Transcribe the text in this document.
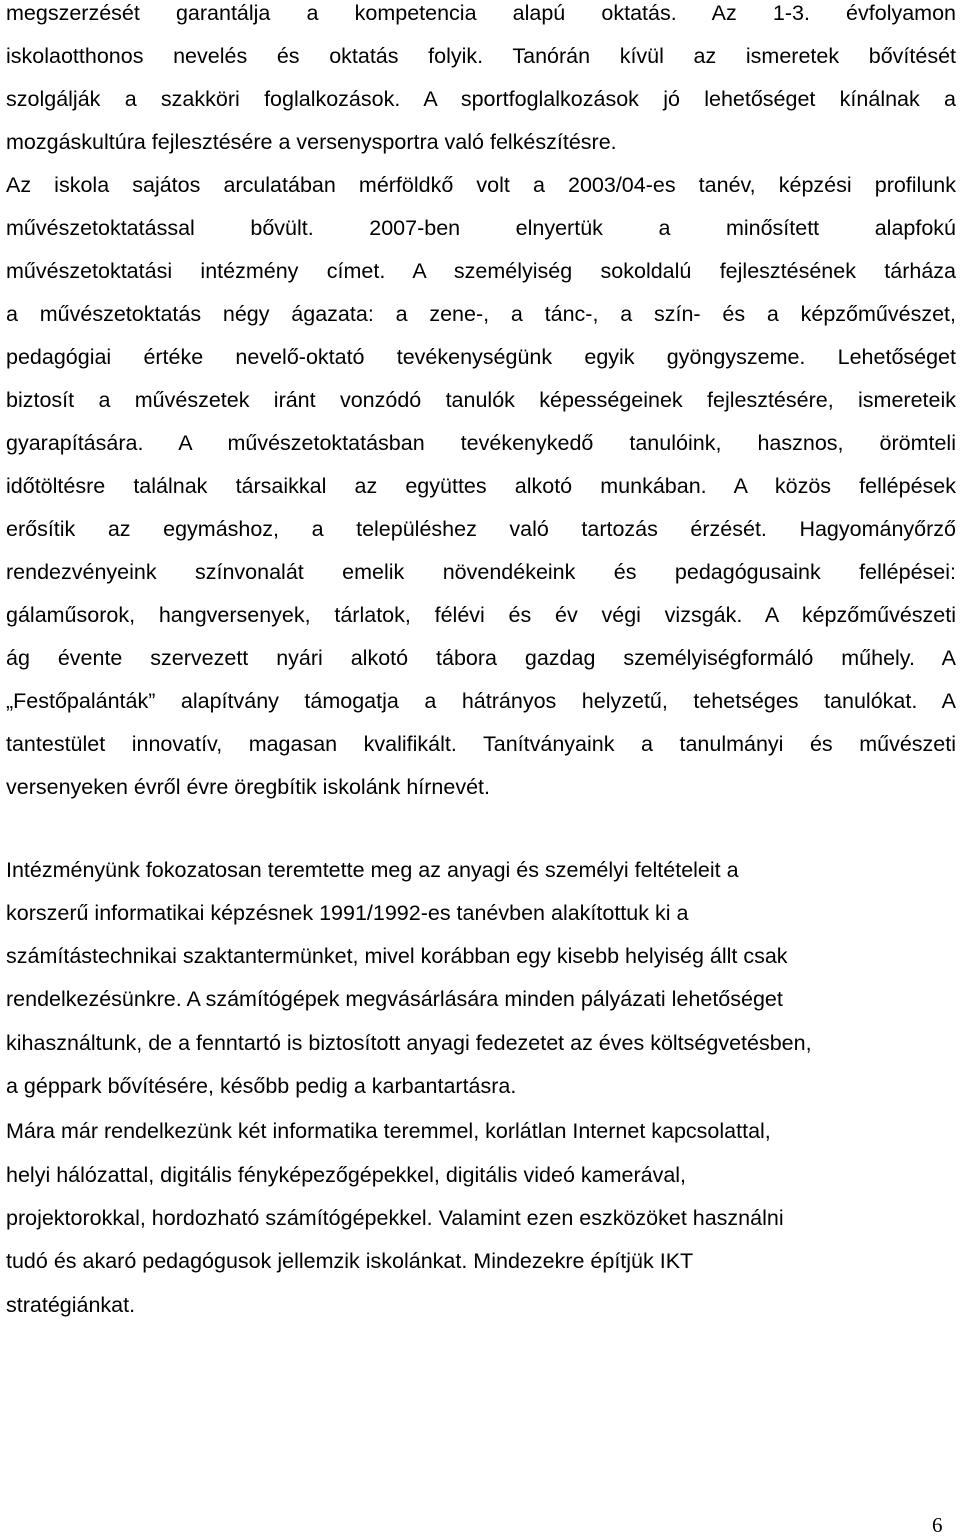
megszerzését garantálja a kompetencia alapú oktatás. Az 1-3. évfolyamon
iskolaotthonos nevelés és oktatás folyik. Tanórán kívül az ismeretek bővítését
szolgálják a szakköri foglalkozások. A sportfoglalkozások jó lehetőséget kínálnak a
mozgáskultúra fejlesztésére a versenysportra való felkészítésre.
Az iskola sajátos arculatában mérföldkő volt a 2003/04-es tanév, képzési profilunk
művészetoktatással bővült. 2007-ben elnyertük a minősített alapfokú
művészetoktatási intézmény címet. A személyiség sokoldalú fejlesztésének tárháza
a művészetoktatás négy ágazata: a zene-, a tánc-, a szín- és a képzőművészet,
pedagógiai értéke nevelő-oktató tevékenységünk egyik gyöngyszeme. Lehetőséget
biztosít a művészetek iránt vonzódó tanulók képességeinek fejlesztésére, ismereteik
gyarapítására. A művészetoktatásban tevékenykedő tanulóink, hasznos, örömteli
időtöltésre találnak társaikkal az együttes alkotó munkában. A közös fellépések
erősítik az egymáshoz, a településhez való tartozás érzését. Hagyományőrző
rendezvényeink színvonalát emelik növendékeink és pedagógusaink fellépései:
gálaműsorok, hangversenyek, tárlatok, félévi és év végi vizsgák. A képzőművészeti
ág évente szervezett nyári alkotó tábora gazdag személyiségformáló műhely. A
„Festőpalánták” alapítvány támogatja a hátrányos helyzetű, tehetséges tanulókat. A
tantestület innovatív, magasan kvalifikált. Tanítványaink a tanulmányi és művészeti
versenyeken évről évre öregbítik iskolánk hírnevét.
Intézményünk fokozatosan teremtette meg az anyagi és személyi feltételeit a
korszerű informatikai képzésnek 1991/1992-es tanévben alakítottuk ki a
számítástechnikai szaktantermünket, mivel korábban egy kisebb helyiség állt csak
rendelkezésünkre. A számítógépek megvásárlására minden pályázati lehetőséget
kihasználtunk, de a fenntartó is biztosított anyagi fedezetet az éves költségvetésben,
a géppark bővítésére, később pedig a karbantartásra.
Mára már rendelkezünk két informatika teremmel, korlátlan Internet kapcsolattal,
helyi hálózattal, digitális fényképezőgépekkel, digitális videó kamerával,
projektorokkal, hordozható számítógépekkel. Valamint ezen eszközöket használni
tudó és akaró pedagógusok jellemzik iskolánkat. Mindezekre építjük IKT
stratégiánkat.
6
